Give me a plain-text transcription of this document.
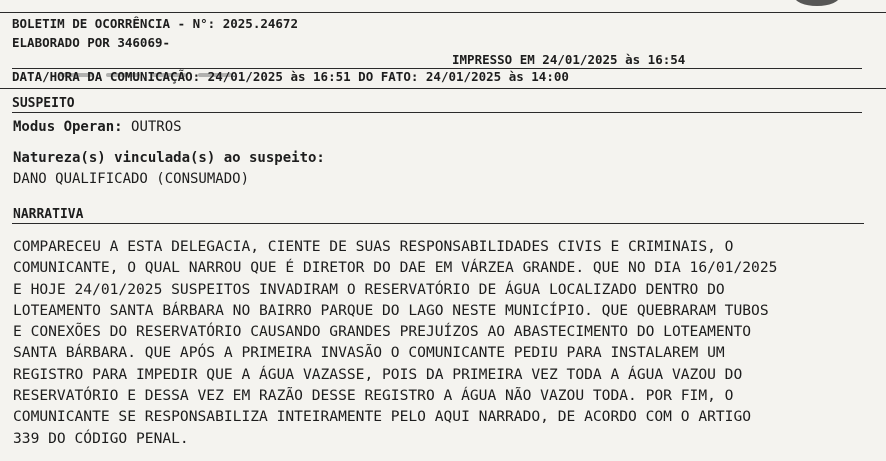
BOLETIM DE OCORRÊNCIA - N°: 2025.24672
ELABORADO POR 346069-
IMPRESSO EM 24/01/2025 às 16:54
DATA/HORA DA COMUNICAÇÃO: 24/01/2025 às 16:51 DO FATO: 24/01/2025 às 14:00
SUSPEITO
Modus Operan: OUTROS
Natureza(s) vinculada(s) ao suspeito:
DANO QUALIFICADO (CONSUMADO)
NARRATIVA
COMPARECEU A ESTA DELEGACIA, CIENTE DE SUAS RESPONSABILIDADES CIVIS E CRIMINAIS, O
COMUNICANTE, O QUAL NARROU QUE É DIRETOR DO DAE EM VÁRZEA GRANDE. QUE NO DIA 16/01/2025
E HOJE 24/01/2025 SUSPEITOS INVADIRAM O RESERVATÓRIO DE ÁGUA LOCALIZADO DENTRO DO
LOTEAMENTO SANTA BÁRBARA NO BAIRRO PARQUE DO LAGO NESTE MUNICÍPIO. QUE QUEBRARAM TUBOS
E CONEXÕES DO RESERVATÓRIO CAUSANDO GRANDES PREJUÍZOS AO ABASTECIMENTO DO LOTEAMENTO
SANTA BÁRBARA. QUE APÓS A PRIMEIRA INVASÃO O COMUNICANTE PEDIU PARA INSTALAREM UM
REGISTRO PARA IMPEDIR QUE A ÁGUA VAZASSE, POIS DA PRIMEIRA VEZ TODA A ÁGUA VAZOU DO
RESERVATÓRIO E DESSA VEZ EM RAZÃO DESSE REGISTRO A ÁGUA NÃO VAZOU TODA. POR FIM, O
COMUNICANTE SE RESPONSABILIZA INTEIRAMENTE PELO AQUI NARRADO, DE ACORDO COM O ARTIGO
339 DO CÓDIGO PENAL.
